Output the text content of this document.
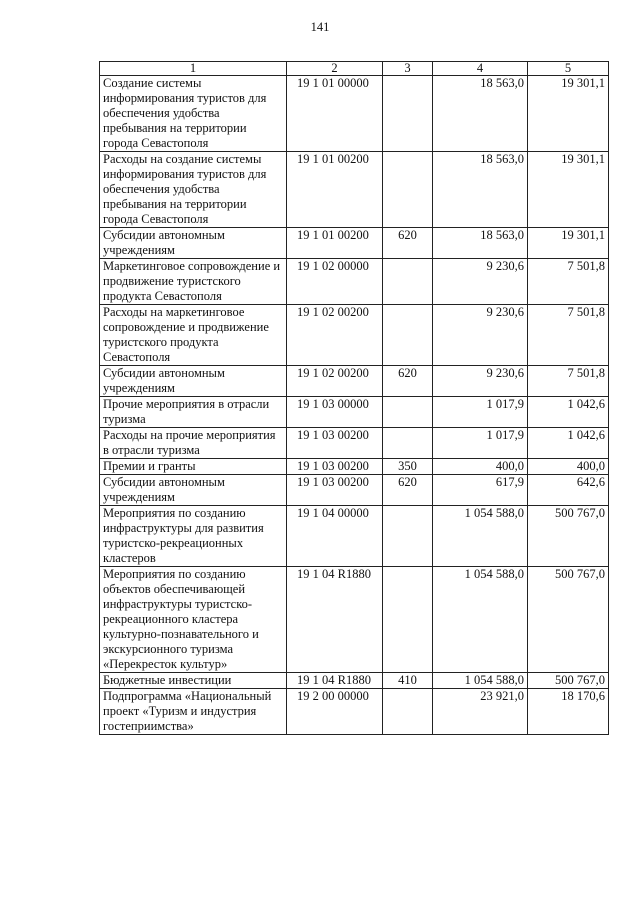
141
1	2	3	4	5
Создание системы информирования туристов для обеспечения удобства пребывания на территории города Севастополя	19 1 01 00000		18 563,0	19 301,1
Расходы на создание системы информирования туристов для обеспечения удобства пребывания на территории города Севастополя	19 1 01 00200		18 563,0	19 301,1
Субсидии автономным учреждениям	19 1 01 00200	620	18 563,0	19 301,1
Маркетинговое сопровождение и продвижение туристского продукта Севастополя	19 1 02 00000		9 230,6	7 501,8
Расходы на маркетинговое сопровождение и продвижение туристского продукта Севастополя	19 1 02 00200		9 230,6	7 501,8
Субсидии автономным учреждениям	19 1 02 00200	620	9 230,6	7 501,8
Прочие мероприятия в отрасли туризма	19 1 03 00000		1 017,9	1 042,6
Расходы на прочие мероприятия в отрасли туризма	19 1 03 00200		1 017,9	1 042,6
Премии и гранты	19 1 03 00200	350	400,0	400,0
Субсидии автономным учреждениям	19 1 03 00200	620	617,9	642,6
Мероприятия по созданию инфраструктуры для развития туристско-рекреационных кластеров	19 1 04 00000		1 054 588,0	500 767,0
Мероприятия по созданию объектов обеспечивающей инфраструктуры туристско-рекреационного кластера культурно-познавательного и экскурсионного туризма «Перекресток культур»	19 1 04 R1880		1 054 588,0	500 767,0
Бюджетные инвестиции	19 1 04 R1880	410	1 054 588,0	500 767,0
Подпрограмма «Национальный проект «Туризм и индустрия гостеприимства»	19 2 00 00000		23 921,0	18 170,6
